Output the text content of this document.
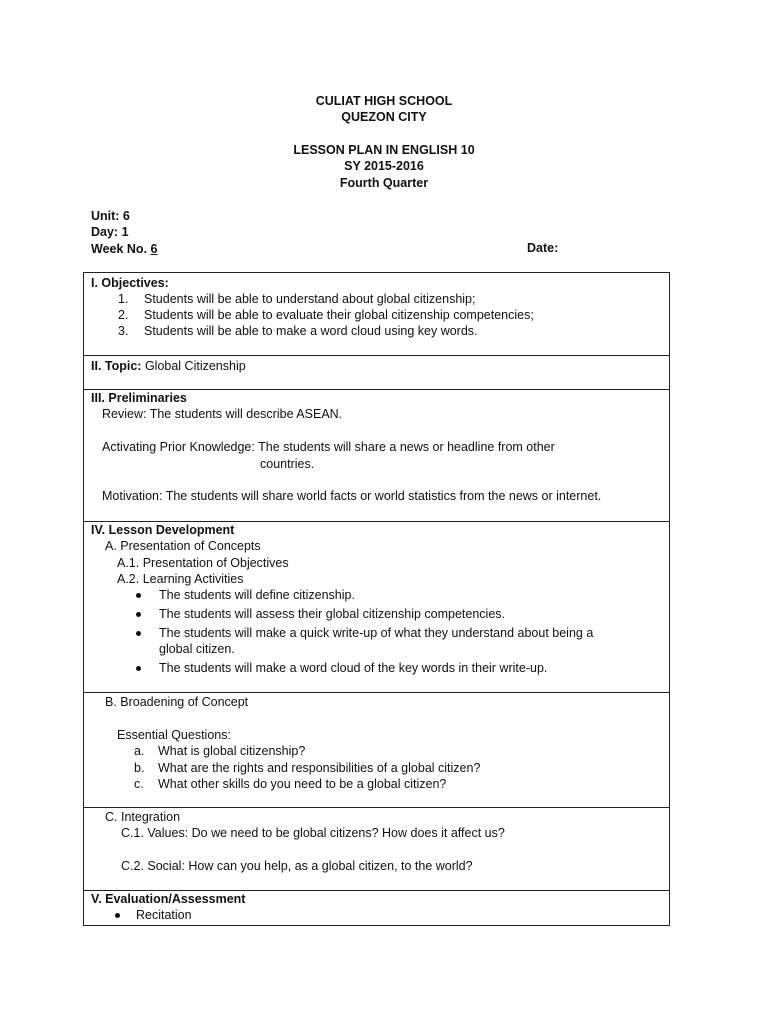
CULIAT HIGH SCHOOL
QUEZON CITY
LESSON PLAN IN ENGLISH 10
SY 2015-2016
Fourth Quarter
Unit: 6
Day: 1
Week No. 6	Date:
I. Objectives:
1. Students will be able to understand about global citizenship;
2. Students will be able to evaluate their global citizenship competencies;
3. Students will be able to make a word cloud using key words.
II. Topic: Global Citizenship
III. Preliminaries
Review: The students will describe ASEAN.
Activating Prior Knowledge: The students will share a news or headline from other
countries.
Motivation: The students will share world facts or world statistics from the news or internet.
IV. Lesson Development
A. Presentation of Concepts
A.1. Presentation of Objectives
A.2. Learning Activities
The students will define citizenship.
The students will assess their global citizenship competencies.
The students will make a quick write-up of what they understand about being a
global citizen.
The students will make a word cloud of the key words in their write-up.
B. Broadening of Concept
Essential Questions:
a. What is global citizenship?
b. What are the rights and responsibilities of a global citizen?
c. What other skills do you need to be a global citizen?
C. Integration
C.1. Values: Do we need to be global citizens? How does it affect us?
C.2. Social: How can you help, as a global citizen, to the world?
V. Evaluation/Assessment
Recitation
